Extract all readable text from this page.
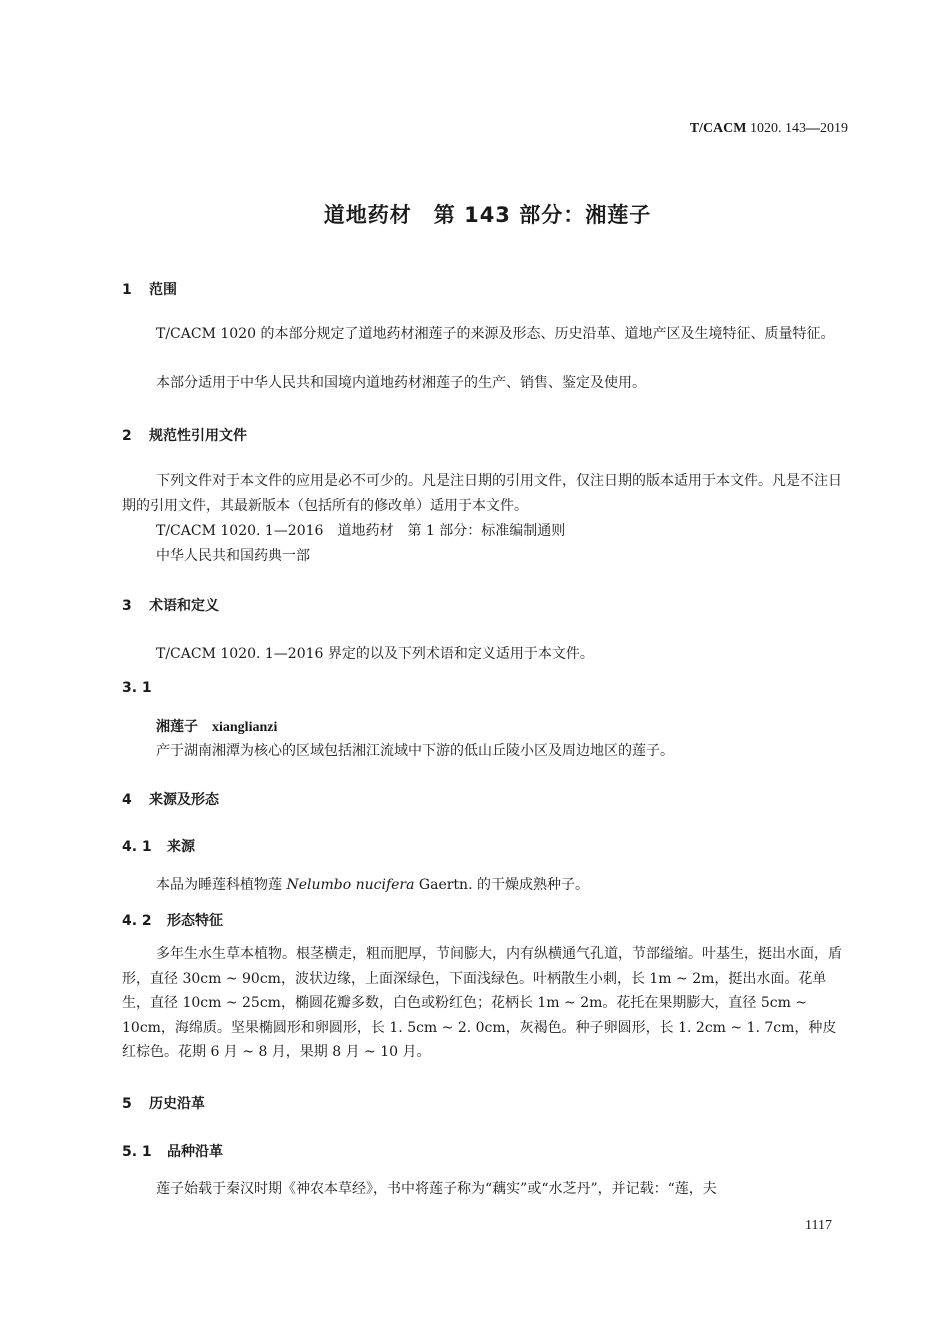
T/CACM 1020. 143—2019
道地药材　第 143 部分：湘莲子
1 范围
T/CACM 1020 的本部分规定了道地药材湘莲子的来源及形态、历史沿革、道地产区及生境特征、质量特征。
本部分适用于中华人民共和国境内道地药材湘莲子的生产、销售、鉴定及使用。
2 规范性引用文件
下列文件对于本文件的应用是必不可少的。凡是注日期的引用文件，仅注日期的版本适用于本文件。凡是不注日期的引用文件，其最新版本（包括所有的修改单）适用于本文件。
T/CACM 1020. 1—2016　道地药材　第 1 部分：标准编制通则
中华人民共和国药典一部
3 术语和定义
T/CACM 1020. 1—2016 界定的以及下列术语和定义适用于本文件。
3. 1
湘莲子 xianglianzi
产于湖南湘潭为核心的区域包括湘江流域中下游的低山丘陵小区及周边地区的莲子。
4 来源及形态
4. 1 来源
本品为睡莲科植物莲 Nelumbo nucifera Gaertn. 的干燥成熟种子。
4. 2 形态特征
多年生水生草本植物。根茎横走，粗而肥厚，节间膨大，内有纵横通气孔道，节部缢缩。叶基生，挺出水面，盾形，直径 30cm ~ 90cm，波状边缘，上面深绿色，下面浅绿色。叶柄散生小刺，长 1m ~ 2m，挺出水面。花单生，直径 10cm ~ 25cm，椭圆花瓣多数，白色或粉红色；花柄长 1m ~ 2m。花托在果期膨大，直径 5cm ~ 10cm，海绵质。坚果椭圆形和卵圆形，长 1. 5cm ~ 2. 0cm，灰褐色。种子卵圆形，长 1. 2cm ~ 1. 7cm，种皮红棕色。花期 6 月 ~ 8 月，果期 8 月 ~ 10 月。
5 历史沿革
5. 1 品种沿革
莲子始载于秦汉时期《神农本草经》，书中将莲子称为“藕实”或“水芝丹”，并记载：“莲，夫
1117
